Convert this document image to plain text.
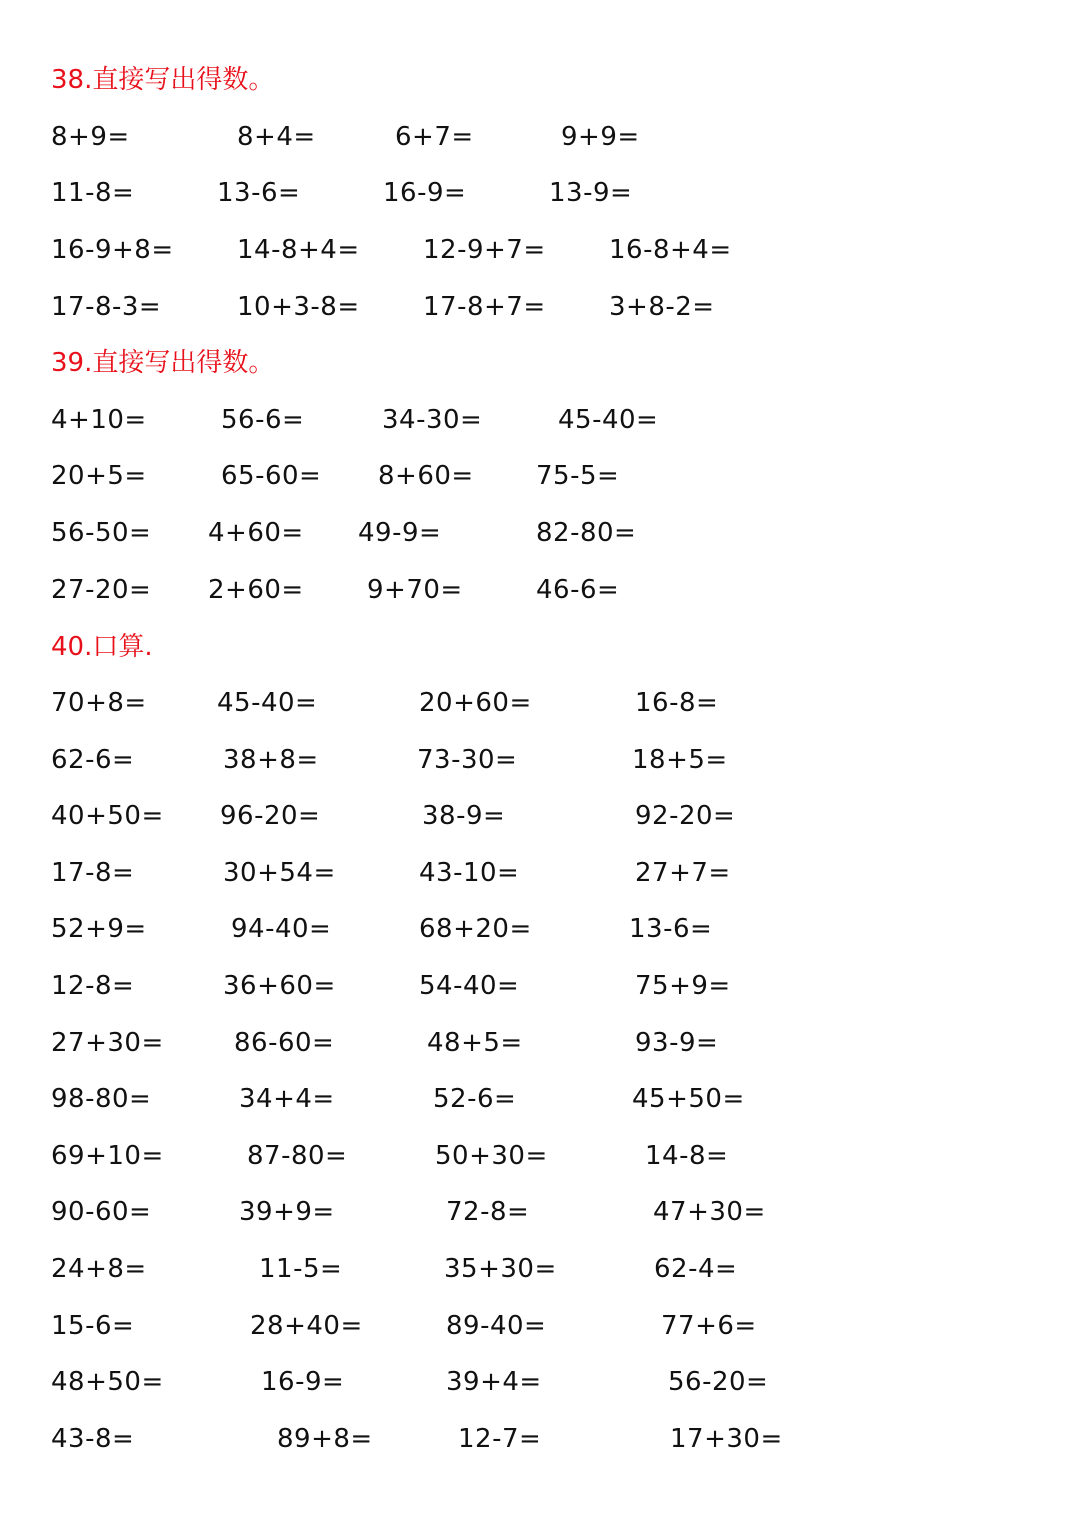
38.直接写出得数。
8+9=	8+4=	6+7=	9+9=
11-8=	13-6=	16-9=	13-9=
16-9+8= 14-8+4= 12-9+7= 16-8+4=
17-8-3=	10+3-8= 17-8+7= 3+8-2=
39.直接写出得数。
4+10=	56-6=	34-30=	45-40=
20+5=	65-60= 8+60= 75-5=
56-50= 4+60= 49-9=	82-80=
27-20= 2+60= 9+70=	46-6=
40.口算.
70+8=	45-40=	20+60=	16-8=
62-6=	38+8=	73-30=	18+5=
40+50= 96-20=	38-9=	92-20=
17-8=	30+54=	43-10=	27+7=
52+9=	94-40=	68+20=	13-6=
12-8=	36+60=	54-40=	75+9=
27+30=	86-60=	48+5=	93-9=
98-80=	34+4=	52-6=	45+50=
69+10=	87-80=	50+30=	14-8=
90-60=	39+9=	72-8=	47+30=
24+8=	11-5=	35+30=	62-4=
15-6=	28+40=	89-40=	77+6=
48+50=	16-9=	39+4=	56-20=
43-8=	89+8=	12-7=	17+30=
